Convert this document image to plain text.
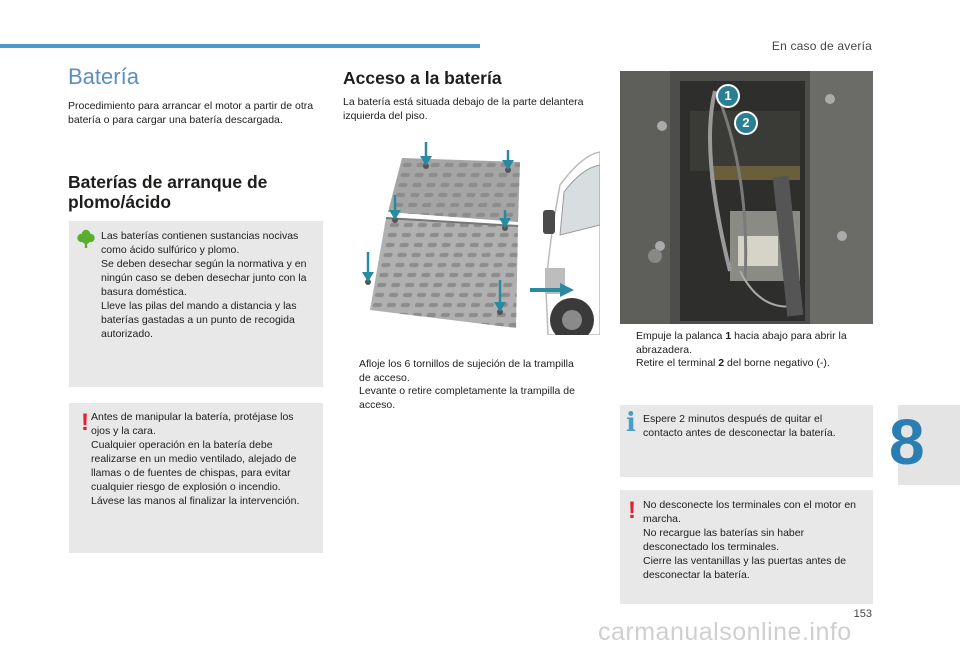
En caso de avería
Batería

Procedimiento para arrancar el motor a partir de otra batería o para cargar una batería descargada.

Baterías de arranque de
plomo/ácido

Las baterías contienen sustancias nocivas

como ácido sulfúrico y plomo.

Se deben desechar según la normativa y en

ningún caso se deben desechar junto con la

basura doméstica.

Lleve las pilas del mando a distancia y las

baterías gastadas a un punto de recogida

autorizado.

! Antes de manipular la batería, protéjase los

ojos y la cara.

Cualquier operación en la batería debe

realizarse en un medio ventilado, alejado de

llamas o de fuentes de chispas, para evitar

cualquier riesgo de explosión o incendio.

Lávese las manos al finalizar la intervención.

Acceso a la batería

La batería está situada debajo de la parte delantera izquierda del piso.

Afloje los 6 tornillos de sujeción de la trampilla
de acceso.
Levante o retire completamente la trampilla de
acceso.
1
2
Empuje la palanca 1 hacia abajo para abrir la
abrazadera.
Retire el terminal 2 del borne negativo (-).
i Espere 2 minutos después de quitar el

contacto antes de desconectar la batería.

! No desconecte los terminales con el motor en

marcha.

No recargue las baterías sin haber

desconectado los terminales.

Cierre las ventanillas y las puertas antes de

desconectar la batería.

8
153
carmanualsonline.info
